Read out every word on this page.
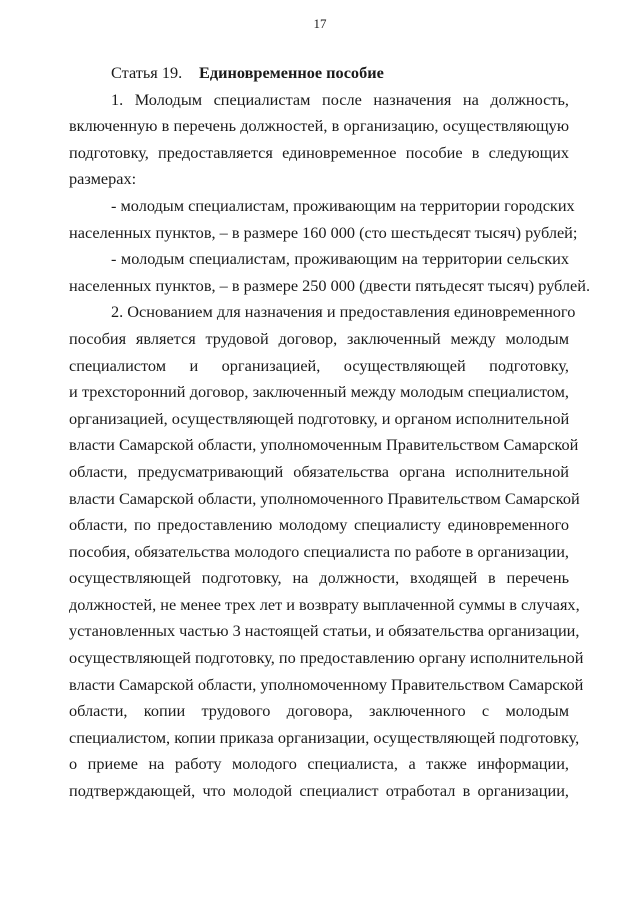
17
Статья 19. Единовременное пособие
1. Молодым специалистам после назначения на должность,
включенную в перечень должностей, в организацию, осуществляющую
подготовку, предоставляется единовременное пособие в следующих
размерах:
- молодым специалистам, проживающим на территории городских
населенных пунктов, – в размере 160 000 (сто шестьдесят тысяч) рублей;
- молодым специалистам, проживающим на территории сельских
населенных пунктов, – в размере 250 000 (двести пятьдесят тысяч) рублей.
2. Основанием для назначения и предоставления единовременного
пособия является трудовой договор, заключенный между молодым
специалистом и организацией, осуществляющей подготовку,
и трехсторонний договор, заключенный между молодым специалистом,
организацией, осуществляющей подготовку, и органом исполнительной
власти Самарской области, уполномоченным Правительством Самарской
области, предусматривающий обязательства органа исполнительной
власти Самарской области, уполномоченного Правительством Самарской
области, по предоставлению молодому специалисту единовременного
пособия, обязательства молодого специалиста по работе в организации,
осуществляющей подготовку, на должности, входящей в перечень
должностей, не менее трех лет и возврату выплаченной суммы в случаях,
установленных частью 3 настоящей статьи, и обязательства организации,
осуществляющей подготовку, по предоставлению органу исполнительной
власти Самарской области, уполномоченному Правительством Самарской
области, копии трудового договора, заключенного с молодым
специалистом, копии приказа организации, осуществляющей подготовку,
о приеме на работу молодого специалиста, а также информации,
подтверждающей, что молодой специалист отработал в организации,
